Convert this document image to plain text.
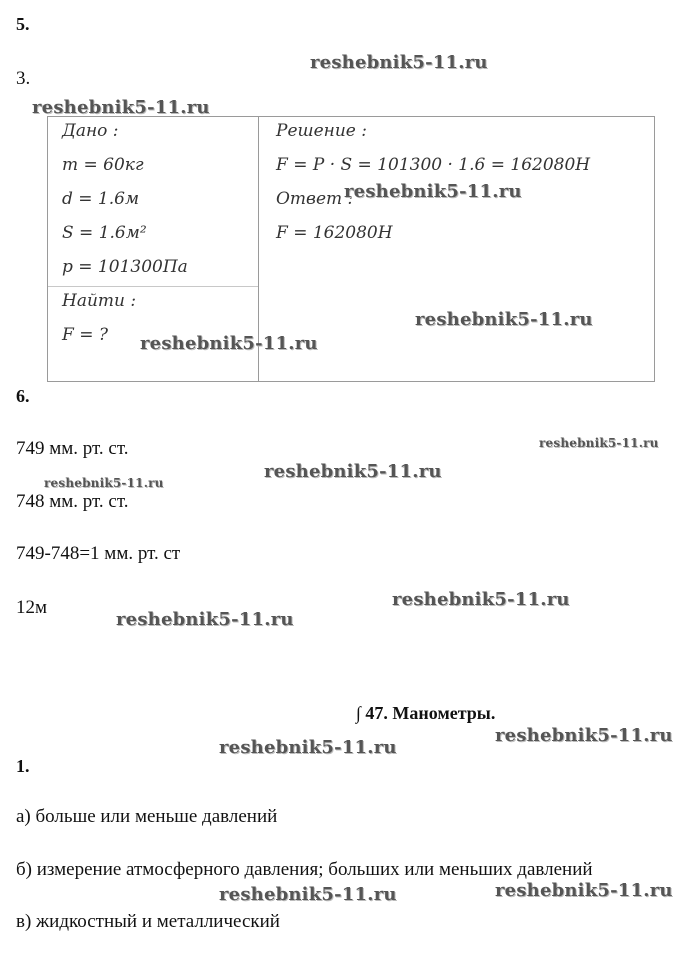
5.
3.
Дано :
m = 60кг
d = 1.6м
S = 1.6м²
p = 101300Па
Найти :
F = ?
Решение :
F = P · S = 101300 · 1.6 = 162080H
Ответ :
F = 162080H
6.
749 мм. рт. ст.
748 мм. рт. ст.
749-748=1 мм. рт. ст
12м
∫ 47. Манометры.
1.
а) больше или меньше давлений
б) измерение атмосферного давления; больших или меньших давлений
в) жидкостный и металлический
reshebnik5-11.ru
reshebnik5-11.ru
reshebnik5-11.ru
reshebnik5-11.ru
reshebnik5-11.ru
reshebnik5-11.ru
reshebnik5-11.ru
reshebnik5-11.ru
reshebnik5-11.ru
reshebnik5-11.ru
reshebnik5-11.ru
reshebnik5-11.ru
reshebnik5-11.ru
reshebnik5-11.ru
